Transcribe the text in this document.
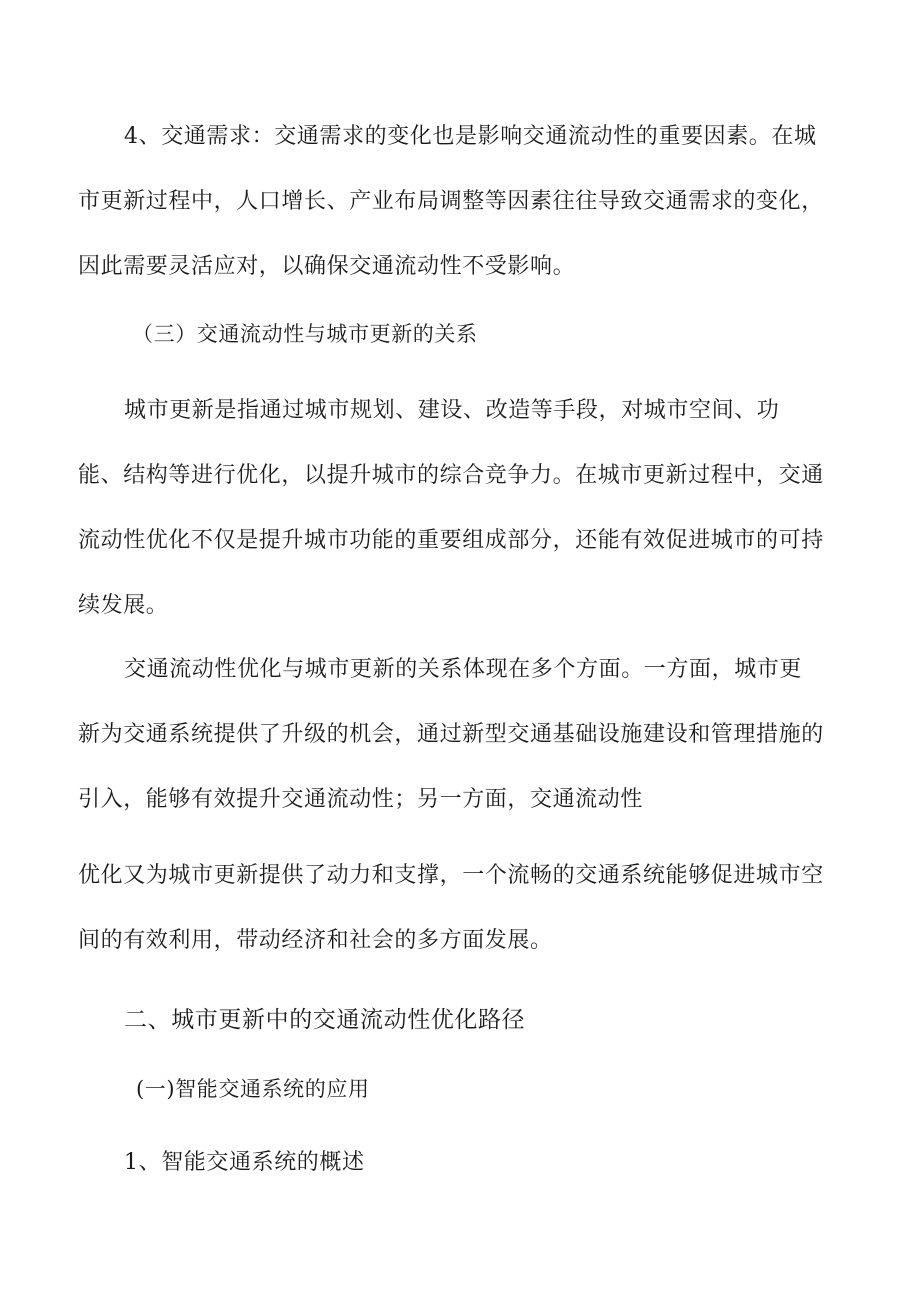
4、交通需求：交通需求的变化也是影响交通流动性的重要因素。在城
市更新过程中，人口增长、产业布局调整等因素往往导致交通需求的变化，
因此需要灵活应对，以确保交通流动性不受影响。

（三）交通流动性与城市更新的关系

城市更新是指通过城市规划、建设、改造等手段，对城市空间、功
能、结构等进行优化，以提升城市的综合竞争力。在城市更新过程中，交通
流动性优化不仅是提升城市功能的重要组成部分，还能有效促进城市的可持
续发展。
交通流动性优化与城市更新的关系体现在多个方面。一方面，城市更
新为交通系统提供了升级的机会，通过新型交通基础设施建设和管理措施的
引入，能够有效提升交通流动性；另一方面，交通流动性
优化又为城市更新提供了动力和支撑，一个流畅的交通系统能够促进城市空
间的有效利用，带动经济和社会的多方面发展。

二、城市更新中的交通流动性优化路径

(一)智能交通系统的应用

1、智能交通系统的概述
